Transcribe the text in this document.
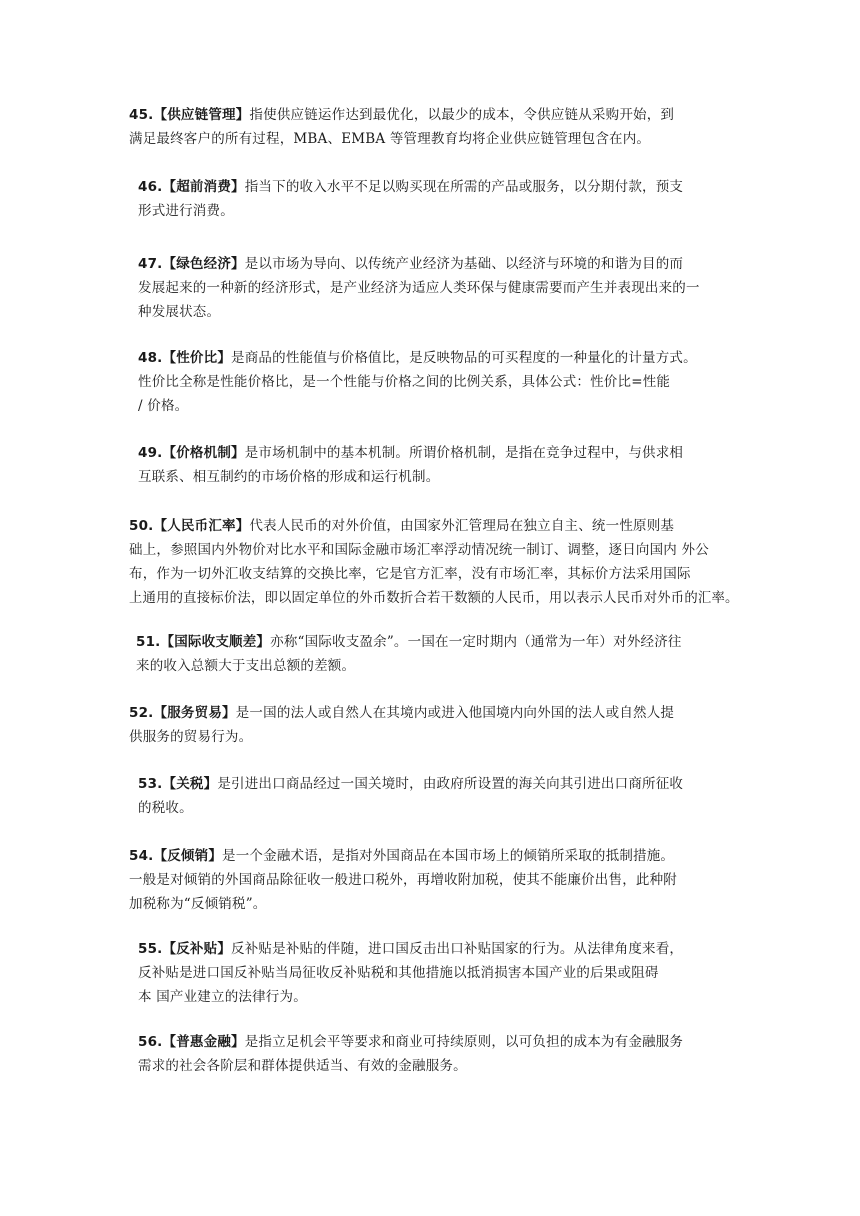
45.【供应链管理】指使供应链运作达到最优化，以最少的成本，令供应链从采购开始，到
满足最终客户的所有过程，MBA、EMBA 等管理教育均将企业供应链管理包含在内。
46.【超前消费】指当下的收入水平不足以购买现在所需的产品或服务，以分期付款，预支
形式进行消费。
47.【绿色经济】是以市场为导向、以传统产业经济为基础、以经济与环境的和谐为目的而
发展起来的一种新的经济形式，是产业经济为适应人类环保与健康需要而产生并表现出来的一
种发展状态。
48.【性价比】是商品的性能值与价格值比，是反映物品的可买程度的一种量化的计量方式。
性价比全称是性能价格比，是一个性能与价格之间的比例关系，具体公式：性价比=性能
/ 价格。
49.【价格机制】是市场机制中的基本机制。所谓价格机制，是指在竞争过程中，与供求相
互联系、相互制约的市场价格的形成和运行机制。
50.【人民币汇率】代表人民币的对外价值，由国家外汇管理局在独立自主、统一性原则基
础上，参照国内外物价对比水平和国际金融市场汇率浮动情况统一制订、调整，逐日向国内 外公
布，作为一切外汇收支结算的交换比率，它是官方汇率，没有市场汇率，其标价方法采用国际
上通用的直接标价法，即以固定单位的外币数折合若干数额的人民币，用以表示人民币对外币的汇率。
51.【国际收支顺差】亦称“国际收支盈余”。一国在一定时期内（通常为一年）对外经济往
来的收入总额大于支出总额的差额。
52.【服务贸易】是一国的法人或自然人在其境内或进入他国境内向外国的法人或自然人提
供服务的贸易行为。
53.【关税】是引进出口商品经过一国关境时，由政府所设置的海关向其引进出口商所征收
的税收。
54.【反倾销】是一个金融术语，是指对外国商品在本国市场上的倾销所采取的抵制措施。
一般是对倾销的外国商品除征收一般进口税外，再增收附加税，使其不能廉价出售，此种附
加税称为“反倾销税”。
55.【反补贴】反补贴是补贴的伴随，进口国反击出口补贴国家的行为。从法律角度来看，
反补贴是进口国反补贴当局征收反补贴税和其他措施以抵消损害本国产业的后果或阻碍
本 国产业建立的法律行为。
56.【普惠金融】是指立足机会平等要求和商业可持续原则，以可负担的成本为有金融服务
需求的社会各阶层和群体提供适当、有效的金融服务。
